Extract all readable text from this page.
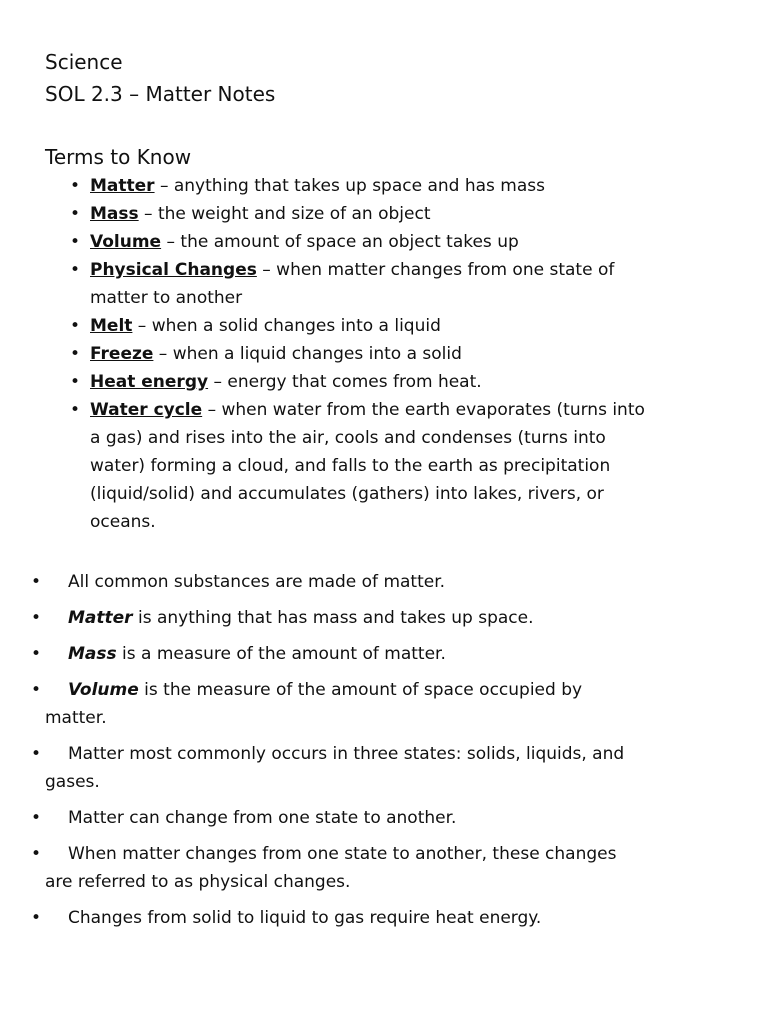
Science
SOL 2.3 – Matter Notes
Terms to Know
• Matter – anything that takes up space and has mass
• Mass – the weight and size of an object
• Volume – the amount of space an object takes up
• Physical Changes – when matter changes from one state of matter to another
• Melt – when a solid changes into a liquid
• Freeze – when a liquid changes into a solid
• Heat energy – energy that comes from heat.
• Water cycle – when water from the earth evaporates (turns into a gas) and rises into the air, cools and condenses (turns into water) forming a cloud, and falls to the earth as precipitation (liquid/solid) and accumulates (gathers) into lakes, rivers, or oceans.
• All common substances are made of matter.
• Matter is anything that has mass and takes up space.
• Mass is a measure of the amount of matter.
• Volume is the measure of the amount of space occupied by matter.
• Matter most commonly occurs in three states: solids, liquids, and gases.
• Matter can change from one state to another.
• When matter changes from one state to another, these changes are referred to as physical changes.
• Changes from solid to liquid to gas require heat energy.
